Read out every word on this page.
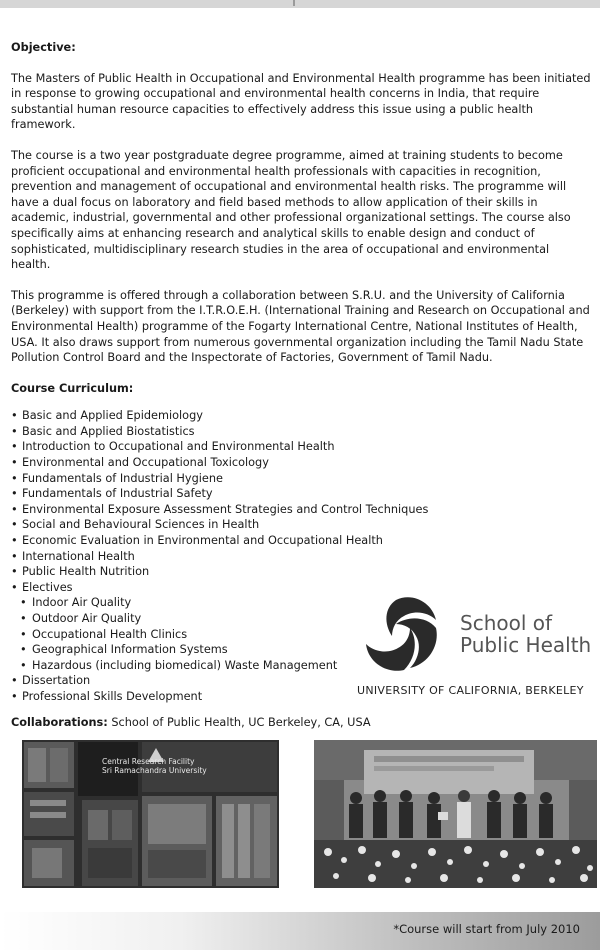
Objective:

The Masters of Public Health in Occupational and Environmental Health programme has been initiated in response to growing occupational and environmental health concerns in India, that require substantial human resource capacities to effectively address this issue using a public health framework.

The course is a two year postgraduate degree programme, aimed at training students to become proficient occupational and environmental health professionals with capacities in recognition, prevention and management of occupational and environmental health risks. The programme will have a dual focus on laboratory and field based methods to allow application of their skills in academic, industrial, governmental and other professional organizational settings. The course also specifically aims at enhancing research and analytical skills to enable design and conduct of sophisticated, multidisciplinary research studies in the area of occupational and environmental health.

This programme is offered through a collaboration between S.R.U. and the University of California (Berkeley) with support from the I.T.R.O.E.H. (International Training and Research on Occupational and Environmental Health) programme of the Fogarty International Centre, National Institutes of Health, USA. It also draws support from numerous governmental organization including the Tamil Nadu State Pollution Control Board and the Inspectorate of Factories, Government of Tamil Nadu.

Course Curriculum:

• Basic and Applied Epidemiology
• Basic and Applied Biostatistics
• Introduction to Occupational and Environmental Health
• Environmental and Occupational Toxicology
• Fundamentals of Industrial Hygiene
• Fundamentals of Industrial Safety
• Environmental Exposure Assessment Strategies and Control Techniques
• Social and Behavioural Sciences in Health
• Economic Evaluation in Environmental and Occupational Health
• International Health
• Public Health Nutrition
• Electives
• Indoor Air Quality
• Outdoor Air Quality
• Occupational Health Clinics
• Geographical Information Systems
• Hazardous (including biomedical) Waste Management
• Dissertation
• Professional Skills Development
School of
Public Health
UNIVERSITY OF CALIFORNIA, BERKELEY
Collaborations: School of Public Health, UC Berkeley, CA, USA
Central Research Facility
Sri Ramachandra University
*Course will start from July 2010
